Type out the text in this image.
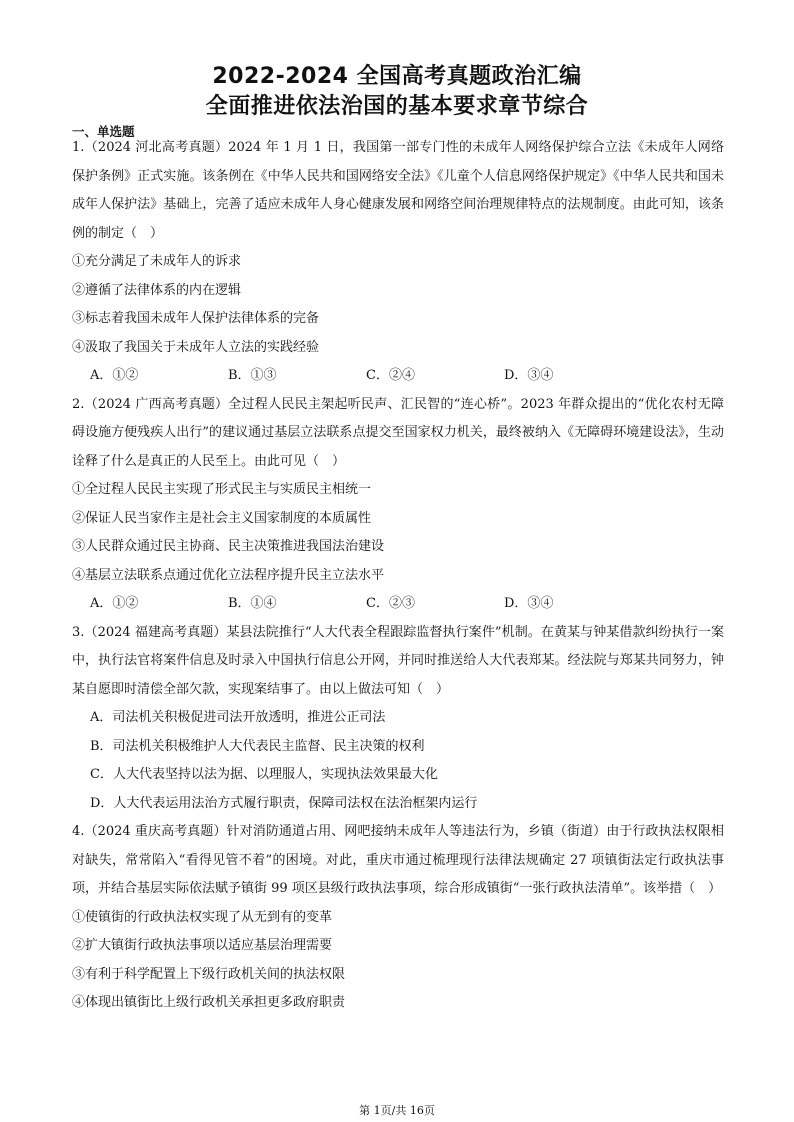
2022-2024 全国高考真题政治汇编
全面推进依法治国的基本要求章节综合
一、单选题

1.（2024 河北高考真题）2024 年 1 月 1 日，我国第一部专门性的未成年人网络保护综合立法《未成年人网络保护条例》正式实施。该条例在《中华人民共和国网络安全法》《儿童个人信息网络保护规定》《中华人民共和国未成年人保护法》基础上，完善了适应未成年人身心健康发展和网络空间治理规律特点的法规制度。由此可知，该条例的制定（　）

①充分满足了未成年人的诉求

②遵循了法律体系的内在逻辑

③标志着我国未成年人保护法律体系的完备

④汲取了我国关于未成年人立法的实践经验

A．①②	B．①③	C．②④	D．③④

2.（2024 广西高考真题）全过程人民民主架起听民声、汇民智的“连心桥”。2023 年群众提出的“优化农村无障碍设施方便残疾人出行”的建议通过基层立法联系点提交至国家权力机关，最终被纳入《无障碍环境建设法》，生动诠释了什么是真正的人民至上。由此可见（　）

①全过程人民民主实现了形式民主与实质民主相统一

②保证人民当家作主是社会主义国家制度的本质属性

③人民群众通过民主协商、民主决策推进我国法治建设

④基层立法联系点通过优化立法程序提升民主立法水平

A．①②	B．①④	C．②③	D．③④

3.（2024 福建高考真题）某县法院推行“人大代表全程跟踪监督执行案件”机制。在黄某与钟某借款纠纷执行一案中，执行法官将案件信息及时录入中国执行信息公开网，并同时推送给人大代表郑某。经法院与郑某共同努力，钟某自愿即时清偿全部欠款，实现案结事了。由以上做法可知（　）

A．司法机关积极促进司法开放透明，推进公正司法

B．司法机关积极维护人大代表民主监督、民主决策的权利

C．人大代表坚持以法为据、以理服人，实现执法效果最大化

D．人大代表运用法治方式履行职责，保障司法权在法治框架内运行

4.（2024 重庆高考真题）针对消防通道占用、网吧接纳未成年人等违法行为，乡镇（街道）由于行政执法权限相对缺失，常常陷入“看得见管不着”的困境。对此，重庆市通过梳理现行法律法规确定 27 项镇街法定行政执法事项，并结合基层实际依法赋予镇街 99 项区县级行政执法事项，综合形成镇街“一张行政执法清单”。该举措（　）

①使镇街的行政执法权实现了从无到有的变革

②扩大镇街行政执法事项以适应基层治理需要

③有利于科学配置上下级行政机关间的执法权限

④体现出镇街比上级行政机关承担更多政府职责

第 1页/共 16页
